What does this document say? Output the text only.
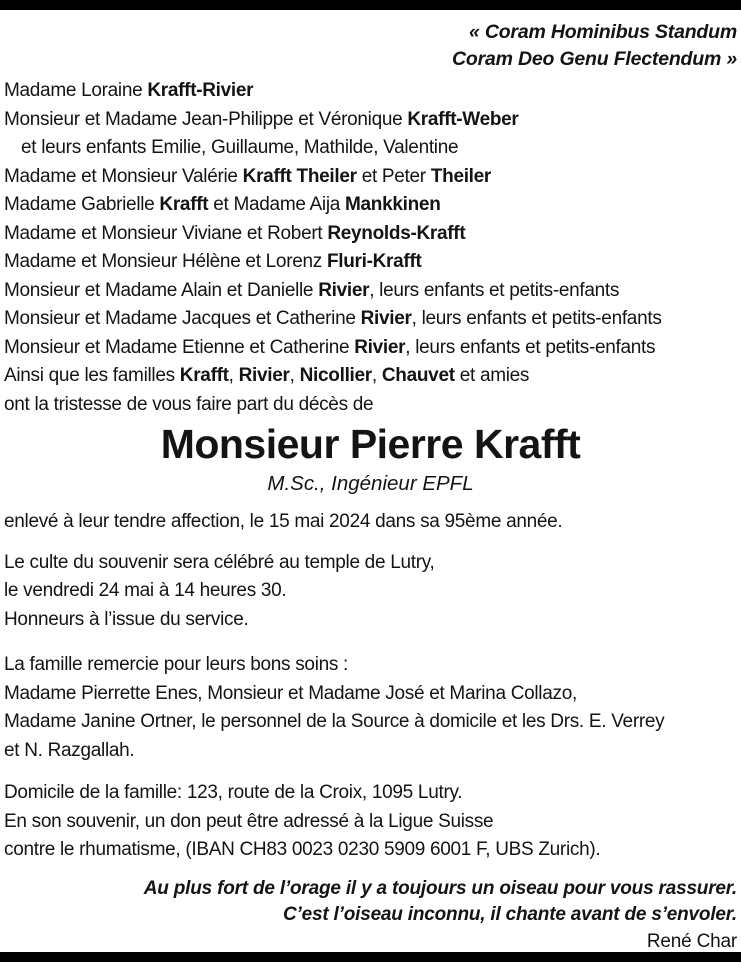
« Coram Hominibus Standum
Coram Deo Genu Flectendum »
Madame Loraine Krafft-Rivier
Monsieur et Madame Jean-Philippe et Véronique Krafft-Weber
et leurs enfants Emilie, Guillaume, Mathilde, Valentine
Madame et Monsieur Valérie Krafft Theiler et Peter Theiler
Madame Gabrielle Krafft et Madame Aija Mankkinen
Madame et Monsieur Viviane et Robert Reynolds-Krafft
Madame et Monsieur Hélène et Lorenz Fluri-Krafft
Monsieur et Madame Alain et Danielle Rivier, leurs enfants et petits-enfants
Monsieur et Madame Jacques et Catherine Rivier, leurs enfants et petits-enfants
Monsieur et Madame Etienne et Catherine Rivier, leurs enfants et petits-enfants
Ainsi que les familles Krafft, Rivier, Nicollier, Chauvet et amies
ont la tristesse de vous faire part du décès de
Monsieur Pierre Krafft
M.Sc., Ingénieur EPFL

enlevé à leur tendre affection, le 15 mai 2024 dans sa 95ème année.

Le culte du souvenir sera célébré au temple de Lutry,
le vendredi 24 mai à 14 heures 30.
Honneurs à l’issue du service.
La famille remercie pour leurs bons soins :
Madame Pierrette Enes, Monsieur et Madame José et Marina Collazo,
Madame Janine Ortner, le personnel de la Source à domicile et les Drs. E. Verrey
et N. Razgallah.
Domicile de la famille: 123, route de la Croix, 1095 Lutry.
En son souvenir, un don peut être adressé à la Ligue Suisse
contre le rhumatisme, (IBAN CH83 0023 0230 5909 6001 F, UBS Zurich).
Au plus fort de l’orage il y a toujours un oiseau pour vous rassurer.
C’est l’oiseau inconnu, il chante avant de s’envoler.
René Char
